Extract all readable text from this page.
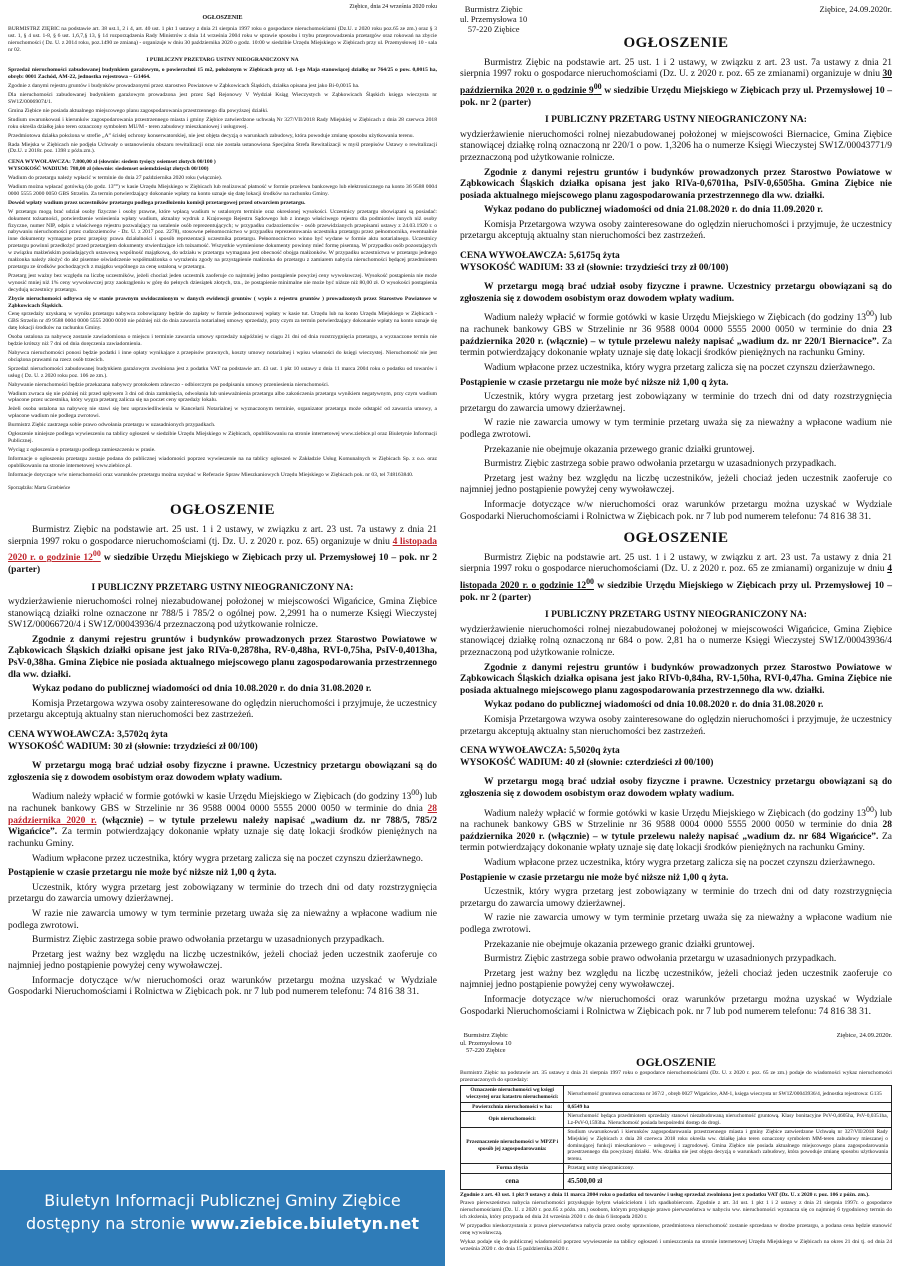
Ziębice, dnia 24 września 2020 roku
OGŁOSZENIE

BURMISTRZ ZIĘBIC na podstawie art. 38 ust.1, 2 i 4, art. 40 ust. 1 pkt 1 ustawy z dnia 21 sierpnia 1997 roku o gospodarce nieruchomościami (Dz.U. z 2020 roku poz.65 ze zm.) oraz § 3 ust. 1, § 4 ust. 1-8, § 6 ust. 1,6,7,§ 13, § 14 rozporządzenia Rady Ministrów z dnia 14 września 2004 roku w sprawie sposobu i trybu przeprowadzenia przetargów oraz rokowań na zbycie nieruchomości ( Dz. U. z 2014 roku, poz.1490 ze zmianą) - organizuje w dniu 30 października 2020 o godz. 10:00 w siedzibie Urzędu Miejskiego w Ziębicach przy ul. Przemysłowej 10 - sala nr 02.

I PUBLICZNY PRZETARG USTNY NIEOGRANICZONY NA

Sprzedaż nieruchomości zabudowanej budynkiem garażowym, o powierzchni 15 m2, położonym w Ziębicach przy ul. 1-go Maja stanowiącej działkę nr 764/25 o pow. 0,0015 ha, obręb: 0001 Zachód, AM-22, jednostka rejestrowa – G1464.

Zgodnie z danymi rejestru gruntów i budynków prowadzonymi przez starostwo Powiatowe w Ząbkowicach Śląskich, działka opisana jest jako Bi-0,0015 ha.

Dla nieruchomości zabudowanej budynkiem garażowym prowadzona jest przez Sąd Rejonowy V Wydział Ksiąg Wieczystych w Ząbkowicach Śląskich księga wieczysta nr SW1Z/00069074/1.

Gmina Ziębice nie posiada aktualnego miejscowego planu zagospodarowania przestrzennego dla powyższej działki.

Studium uwarunkowań i kierunków zagospodarowania przestrzennego miasta i gminy Ziębice zatwierdzone uchwałą Nr 327/VII/2018 Rady Miejskiej w Ziębicach z dnia 28 czerwca 2018 roku określa działkę jako teren oznaczony symbolem MU/M - teren zabudowy mieszkaniowej i usługowej.

Przedmiotowa działka położona w strefie „A” ścisłej ochrony konserwatorskiej, nie jest objęta decyzją o warunkach zabudowy, która powoduje zmianę sposobu użytkowania terenu.

Rada Miejska w Ziębicach nie podjęła Uchwały o ustanowieniu obszaru rewitalizacji oraz nie została ustanowiona Specjalna Strefa Rewitalizacji w myśl przepisów Ustawy o rewitalizacji (Dz.U. z 2018r. poz. 1398 z późn.zm.).

CENA WYWOŁAWCZA: 7.800,00 zł (słownie: siedem tysięcy osiemset złotych 00/100 )

WYSOKOŚĆ WADIUM: 780,00 zł (słownie: siedemset osiemdziesiąt złotych 00/100)

Wadium do przetargu należy wpłacić w terminie do dnia 27 października 2020 roku (włącznie).

Wadium można wpłacać gotówką (do godz. 13°°) w kasie Urzędu Miejskiego w Ziębicach lub realizować płatność w formie przelewu bankowego lub elektronicznego na konto 36 9588 0004 0000 5555 2000 0050 GBS Strzelin. Za termin potwierdzający dokonanie wpłaty na konto uznaje się datę lokacji środków na rachunku Gminy.

Dowód wpłaty wadium przez uczestników przetargu podlega przedłożeniu komisji przetargowej przed otwarciem przetargu.

W przetargu mogą brać udział osoby fizyczne i osoby prawne, które wpłacą wadium w ustalonym terminie oraz okreslonej wysokości. Uczestnicy przetargu obowiązani są posiadać: dokument tożsamości, potwierdzenie wniesienia wpłaty wadium, aktualny wydruk z Krajowego Rejestru Sądowego lub z innego właściwego rejestru dla podmiotów innych niż osoby fizyczne, numer NIP, odpis z właściwego rejestru pozwalający na ustalenie osób reprezentujących; w przypadku cudzoziemców - osób przewidzianych przepisami ustawy z 24.03.1920 r. o nabywaniu nieruchomości przez cudzoziemców - Dz. U. z 2017 poz. 2278), stosowne pełnomocnictwo w przypadku reprezentowania uczestnika przetargu przez pełnomocnika, ewentualnie inne dokumenty wymagane przez przepisy prawa działalności i sposób reprezentacji uczestnika przetargu. Pełnomocnictwo winno być wydane w formie aktu notarialnego. Uczestnicy przetargu powinni przedłożyć przed przetargiem dokumenty stwierdzające ich tożsamość. Wszystkie wymienione dokumenty powinny mieć formę pisemną. W przypadku osób pozostających w związku małżeńskim posiadających ustawową wspólność majątkową, do udziału w przetargu wymagana jest obecność obojga małżonków. W przypadku uczestnictwa w przetargu jednego małżonka należy złożyć do akt pisemne oświadczenie współmałżonka o wyrażeniu zgody na przystąpienie małżonka do przetargu z zamiarem nabycia nieruchomości będącej przedmiotem przetargu ze środków pochodzących z majątku wspólnego za cenę ustaloną w przetargu.

Przetarg jest ważny bez względu na liczbę uczestników, jeżeli chociaż jeden uczestnik zaoferuje co najmniej jedno postąpienie powyżej ceny wywoławczej. Wysokość postąpienia nie może wynosić mniej niż 1% ceny wywoławczej przy zaokrągleniu w górę do pełnych dziesiątek złotych, tzn., że postąpienie minimalne nie może być niższe niż 80,00 zł. O wysokości postąpienia decydują uczestnicy przetargu.

Zbycie nieruchomości odbywa się w stanie prawnym uwidocznionym w danych ewidencji gruntów ( wypis z rejestru gruntów ) prowadzonych przez Starostwo Powiatowe w Ząbkowicach Śląskich.

Cenę sprzedaży uzyskaną w wyniku przetargu nabywca zobowiązany będzie do zapłaty w formie jednorazowej wpłaty w kasie tut. Urzędu lub na konto Urzędu Miejskiego w Ziębicach - GBS Strzelin nr 49 9588 0004 0000 5555 2000 0010 nie później niż do dnia zawarcia notarialnej umowy sprzedaży, przy czym za termin potwierdzający dokonanie wpłaty na konto uznaje się datę lokacji środków na rachunku Gminy.

Osoba ustalona za nabywcę zostanie zawiadomiona o miejscu i terminie zawarcia umowy sprzedaży najpóźniej w ciągu 21 dni od dnia rozstrzygnięcia przetargu, a wyznaczone termin nie będzie krótszy niż 7 dni od dnia doręczenia zawiadomienia.

Nabywca nieruchomości ponosi będzie podatki i inne opłaty wynikające z przepisów prawnych, koszty umowy notarialnej i wpisu własności do księgi wieczystej. Nieruchomość nie jest obciążona prawami na rzecz osób trzecich.

Sprzedaż nieruchomości zabudowanej budynkiem garażowym zwolniona jest z podatku VAT na podstawie art. 43 ust. 1 pkt 10 ustawy z dnia 11 marca 2004 roku o podatku od towarów i usług ( Dz. U. z 2020 roku poz. 106 ze zm.).

Nabywanie nieruchomości będzie przekazana nabywcy protokołem zdawczo - odbiorczym po podpisaniu umowy przeniesienia nieruchomości.

Wadium zwraca się nie później niż przed upływem 3 dni od dnia zamknięcia, odwołania lub unieważnienia przetargu albo zakończenia przetargu wynikiem negatywnym, przy czym wadium wpłacone przez uczestnika, który wygra przetarg zalicza się na poczet ceny sprzedaży lokalu.

Jeżeli osoba ustalona na nabywcę nie stawi się bez usprawiedliwienia w Kancelarii Notarialnej w wyznaczonym terminie, organizator przetargu może odstąpić od zawarcia umowy, a wpłacone wadium nie podlega zwrotowi.

Burmistrz Ziębic zastrzega sobie prawo odwołania przetargu w uzasadnionych przypadkach.

Ogłoszenie niniejsze podlega wywieszeniu na tablicy ogłoszeń w siedzibie Urzędu Miejskiego w Ziębicach, opublikowaniu na stronie internetowej www.ziebice.pl oraz Biuletynie Informacji Publicznej.

Wyciąg z ogłoszenia o przetargu podlega zamieszczeniu w prasie.

Informacje o ogłoszeniu przetargu zostaje podana do publicznej wiadomości poprzez wywieszenie na na tablicy ogłoszeń w Zakładzie Usług Komunalnych w Ziębicach Sp. z o.o. oraz opublikowaniu na stronie internetowej www.ziebice.pl.

Informacje dotyczące w/w nieruchomości oraz warunków przetargu można uzyskać w Referacie Spraw Mieszkaniowych Urzędu Miejskiego w Ziębicach pok. nr 03, tel 748163840.

Sporządziła: Marta Grzebieńce
OGŁOSZENIE

Burmistrz Ziębic na podstawie art. 25 ust. 1 i 2 ustawy, w związku z art. 23 ust. 7a ustawy z dnia 21 sierpnia 1997 roku o gospodarce nieruchomościami (tj. Dz. U. z 2020 r. poz. 65) organizuje w dniu 4 listopada 2020 r. o godzinie $12^{00}$ w siedzibie Urzędu Miejskiego w Ziębicach przy ul. Przemysłowej 10 – pok. nr 2 (parter)

I PUBLICZNY PRZETARG USTNY NIEOGRANICZONY NA:

wydzierżawienie nieruchomości rolnej niezabudowanej położonej w miejscowości Wigańcice, Gmina Ziębice stanowiącą działki rolne oznaczone nr 788/5 i 785/2 o ogólnej pow. 2,2991 ha o numerze Księgi Wieczystej SW1Z/00066720/4 i SW1Z/00043936/4 przeznaczoną pod użytkowanie rolnicze.

Zgodnie z danymi rejestru gruntów i budynków prowadzonych przez Starostwo Powiatowe w Ząbkowicach Śląskich działki opisane jest jako RIVa-0,2878ha, RV-0,48ha, RVI-0,75ha, PsIV-0,4013ha, PsV-0,38ha. Gmina Ziębice nie posiada aktualnego miejscowego planu zagospodarowania przestrzennego dla ww. działki.

Wykaz podano do publicznej wiadomości od dnia 10.08.2020 r. do dnia 31.08.2020 r.

Komisja Przetargowa wzywa osoby zainteresowane do oględzin nieruchomości i przyjmuje, że uczestnicy przetargu akceptują aktualny stan nieruchomości bez zastrzeżeń.

CENA WYWOŁAWCZA: 3,5702q żyta

WYSOKOŚĆ WADIUM: 30 zł (słownie: trzydzieści zł 00/100)

W przetargu mogą brać udział osoby fizyczne i prawne. Uczestnicy przetargu obowiązani są do zgłoszenia się z dowodem osobistym oraz dowodem wpłaty wadium.

Wadium należy wpłacić w formie gotówki w kasie Urzędu Miejskiego w Ziębicach (do godziny $13^{00}$) lub na rachunek bankowy GBS w Strzelinie nr 36 9588 0004 0000 5555 2000 0050 w terminie do dnia 28 października 2020 r. (włącznie) – w tytule przelewu należy napisać „wadium dz. nr 788/5, 785/2 Wigańcice”. Za termin potwierdzający dokonanie wpłaty uznaje się datę lokacji środków pieniężnych na rachunku Gminy.

Wadium wpłacone przez uczestnika, który wygra przetarg zalicza się na poczet czynszu dzierżawnego.

Postąpienie w czasie przetargu nie może być niższe niż 1,00 q żyta.

Uczestnik, który wygra przetarg jest zobowiązany w terminie do trzech dni od daty rozstrzygnięcia przetargu do zawarcia umowy dzierżawnej.

W razie nie zawarcia umowy w tym terminie przetarg uważa się za nieważny a wpłacone wadium nie podlega zwrotowi.

Burmistrz Ziębic zastrzega sobie prawo odwołania przetargu w uzasadnionych przypadkach.

Przetarg jest ważny bez względu na liczbę uczestników, jeżeli chociaż jeden uczestnik zaoferuje co najmniej jedno postąpienie powyżej ceny wywoławczej.

Informacje dotyczące w/w nieruchomości oraz warunków przetargu można uzyskać w Wydziale Gospodarki Nieruchomościami i Rolnictwa w Ziębicach pok. nr 7 lub pod numerem telefonu: 74 816 38 31.

Biuletyn Informacji Publicznej Gminy Ziębice
dostępny na stronie www.ziebice.biuletyn.net
Burmistrz Ziębic
ul. Przemysłowa 10
57-220 Ziębice
Ziębice, 24.09.2020r.
OGŁOSZENIE

Burmistrz Ziębic na podstawie art. 25 ust. 1 i 2 ustawy, w związku z art. 23 ust. 7a ustawy z dnia 21 sierpnia 1997 roku o gospodarce nieruchomościami (Dz. U. z 2020 r. poz. 65 ze zmianami) organizuje w dniu 30 października 2020 r. o godzinie $9^{00}$ w siedzibie Urzędu Miejskiego w Ziębicach przy ul. Przemysłowej 10 – pok. nr 2 (parter)

I PUBLICZNY PRZETARG USTNY NIEOGRANICZONY NA:

wydzierżawienie nieruchomości rolnej niezabudowanej położonej w miejscowości Biernacice, Gmina Ziębice stanowiącej działkę rolną oznaczoną nr 220/1 o pow. 1,3206 ha o numerze Księgi Wieczystej SW1Z/00043771/9 przeznaczoną pod użytkowanie rolnicze.

Zgodnie z danymi rejestru gruntów i budynków prowadzonych przez Starostwo Powiatowe w Ząbkowicach Śląskich działka opisana jest jako RIVa-0,6701ha, PsIV-0,6505ha. Gmina Ziębice nie posiada aktualnego miejscowego planu zagospodarowania przestrzennego dla ww. działki.

Wykaz podano do publicznej wiadomości od dnia 21.08.2020 r. do dnia 11.09.2020 r.

Komisja Przetargowa wzywa osoby zainteresowane do oględzin nieruchomości i przyjmuje, że uczestnicy przetargu akceptują aktualny stan nieruchomości bez zastrzeżeń.

CENA WYWOŁAWCZA: 5,6175q żyta

WYSOKOŚĆ WADIUM: 33 zł (słownie: trzydzieści trzy zł 00/100)

W przetargu mogą brać udział osoby fizyczne i prawne. Uczestnicy przetargu obowiązani są do zgłoszenia się z dowodem osobistym oraz dowodem wpłaty wadium.

Wadium należy wpłacić w formie gotówki w kasie Urzędu Miejskiego w Ziębicach (do godziny $13^{00}$) lub na rachunek bankowy GBS w Strzelinie nr 36 9588 0004 0000 5555 2000 0050 w terminie do dnia 23 października 2020 r. (włącznie) – w tytule przelewu należy napisać „wadium dz. nr 220/1 Biernacice”. Za termin potwierdzający dokonanie wpłaty uznaje się datę lokacji środków pieniężnych na rachunku Gminy.

Wadium wpłacone przez uczestnika, który wygra przetarg zalicza się na poczet czynszu dzierżawnego.

Postąpienie w czasie przetargu nie może być niższe niż 1,00 q żyta.

Uczestnik, który wygra przetarg jest zobowiązany w terminie do trzech dni od daty rozstrzygnięcia przetargu do zawarcia umowy dzierżawnej.

W razie nie zawarcia umowy w tym terminie przetarg uważa się za nieważny a wpłacone wadium nie podlega zwrotowi.

Przekazanie nie obejmuje okazania przewego granic działki gruntowej.

Burmistrz Ziębic zastrzega sobie prawo odwołania przetargu w uzasadnionych przypadkach.

Przetarg jest ważny bez względu na liczbę uczestników, jeżeli chociaż jeden uczestnik zaoferuje co najmniej jedno postąpienie powyżej ceny wywoławczej.

Informacje dotyczące w/w nieruchomości oraz warunków przetargu można uzyskać w Wydziale Gospodarki Nieruchomościami i Rolnictwa w Ziębicach pok. nr 7 lub pod numerem telefonu: 74 816 38 31.

OGŁOSZENIE

Burmistrz Ziębic na podstawie art. 25 ust. 1 i 2 ustawy, w związku z art. 23 ust. 7a ustawy z dnia 21 sierpnia 1997 roku o gospodarce nieruchomościami (Dz. U. z 2020 r. poz. 65 ze zmianami) organizuje w dniu 4 listopada 2020 r. o godzinie $12^{00}$ w siedzibie Urzędu Miejskiego w Ziębicach przy ul. Przemysłowej 10 – pok. nr 2 (parter)

I PUBLICZNY PRZETARG USTNY NIEOGRANICZONY NA:

wydzierżawienie nieruchomości rolnej niezabudowanej położonej w miejscowości Wigańcice, Gmina Ziębice stanowiącej działkę rolną oznaczoną nr 684 o pow. 2,81 ha o numerze Księgi Wieczystej SW1Z/00043936/4 przeznaczoną pod użytkowanie rolnicze.

Zgodnie z danymi rejestru gruntów i budynków prowadzonych przez Starostwo Powiatowe w Ząbkowicach Śląskich działka opisana jest jako RIVb-0,84ha, RV-1,50ha, RVI-0,47ha. Gmina Ziębice nie posiada aktualnego miejscowego planu zagospodarowania przestrzennego dla ww. działki.

Wykaz podano do publicznej wiadomości od dnia 10.08.2020 r. do dnia 31.08.2020 r.

Komisja Przetargowa wzywa osoby zainteresowane do oględzin nieruchomości i przyjmuje, że uczestnicy przetargu akceptują aktualny stan nieruchomości bez zastrzeżeń.

CENA WYWOŁAWCZA: 5,5020q żyta

WYSOKOŚĆ WADIUM: 40 zł (słownie: czterdzieści zł 00/100)

W przetargu mogą brać udział osoby fizyczne i prawne. Uczestnicy przetargu obowiązani są do zgłoszenia się z dowodem osobistym oraz dowodem wpłaty wadium.

Wadium należy wpłacić w formie gotówki w kasie Urzędu Miejskiego w Ziębicach (do godziny $13^{00}$) lub na rachunek bankowy GBS w Strzelinie nr 36 9588 0004 0000 5555 2000 0050 w terminie do dnia 28 października 2020 r. (włącznie) – w tytule przelewu należy napisać „wadium dz. nr 684 Wigańcice”. Za termin potwierdzający dokonanie wpłaty uznaje się datę lokacji środków pieniężnych na rachunku Gminy.

Wadium wpłacone przez uczestnika, który wygra przetarg zalicza się na poczet czynszu dzierżawnego.

Postąpienie w czasie przetargu nie może być niższe niż 1,00 q żyta.

Uczestnik, który wygra przetarg jest zobowiązany w terminie do trzech dni od daty rozstrzygnięcia przetargu do zawarcia umowy dzierżawnej.

W razie nie zawarcia umowy w tym terminie przetarg uważa się za nieważny a wpłacone wadium nie podlega zwrotowi.

Przekazanie nie obejmuje okazania przewego granic działki gruntowej.

Burmistrz Ziębic zastrzega sobie prawo odwołania przetargu w uzasadnionych przypadkach.

Przetarg jest ważny bez względu na liczbę uczestników, jeżeli chociaż jeden uczestnik zaoferuje co najmniej jedno postąpienie powyżej ceny wywoławczej.

Informacje dotyczące w/w nieruchomości oraz warunków przetargu można uzyskać w Wydziale Gospodarki Nieruchomościami i Rolnictwa w Ziębicach pok. nr 7 lub pod numerem telefonu: 74 816 38 31.

Burmistrz Ziębic
ul. Przemysłowa 10
57-220 Ziębice
Ziębice, 24.09.2020r.
OGŁOSZENIE

Burmistrz Ziębic na podstawie art. 35 ustawy z dnia 21 sierpnia 1997 roku o gospodarce nieruchomościami (Dz. U. z 2020 r. poz. 65 ze zm.) podaje do wiadomości wykaz nieruchomości przeznaczonych do sprzedaży:

Oznaczenie nieruchomości wg księgi wieczystej oraz katastru nieruchomości:	Nieruchomość gruntowa oznaczona nr 367/2 , obręb 0027 Wigańcice, AM-1, księga wieczysta nr SW1Z/00043936/4, jednostka rejestrowa: G135
Powierzchnia nieruchomości w ha:	0,6549 ha
Opis nieruchomości:	Nieruchomość będąca przedmiotem sprzedaży stanowi niezabudowaną nieruchomość gruntową. Klasy bonitacyjne PsV-0,4605ha, PsV-0,0351ha, Lz-PsV-0,1593ha. Nieruchomość posiada bezpośredni dostęp do drogi.
Przeznaczenie nieruchomości w MPZP i sposób jej zagospodarowania:	Studium uwarunkowań i kierunków zagospodarowania przestrzennego miasta i gminy Ziębice zatwierdzone Uchwałą nr 327/VII/2018 Rady Miejskiej w Ziębicach z dnia 28 czerwca 2018 roku określa ww. działkę jako teren oznaczony symbolem MM-teren zabudowy mieszanej o dominującej funkcji mieszkaniowo – usługowej i zagrodowej. Gmina Ziębice nie posiada aktualnego miejscowego planu zagospodarowania przestrzennego dla powyższej działki. Ww. działka nie jest objęta decyzją o warunkach zabudowy, która powoduje zmianę sposobu użytkowania terenu.
Forma zbycia	Przetarg ustny nieograniczony.
cena	45.500,00 zł

Zgodnie z art. 43 ust. 1 pkt 9 ustawy z dnia 11 marca 2004 roku o podatku od towarów i usług sprzedaż zwolniona jest z podatku VAT (Dz. U. z 2020 r. poz. 106 z późn. zm.).

Prawo pierwszeństwa nabycia nieruchomości przysługuje byłym właścicielom i ich spadkobiercom. Zgodnie z art. 34 ust. 1 pkt 1 i 2 ustawy z dnia 21 sierpnia 1997r. o gospodarce nieruchomościami (Dz. U. z 2020 r. poz.65 z późn. zm.) osobom, którym przysługuje prawo pierwszeństwa w nabyciu ww. nieruchomości wyznacza się co najmniej 6 tygodniowy termin do ich złożenia, który przypada od dnia 24 września 2020 r. do dnia 6 listopada 2020 r.

W przypadku nieskorzystania z prawa pierwszeństwa nabycia przez osoby uprawnione, przedmiotowa nieruchomość zostanie sprzedana w drodze przetargu, a podana cena będzie stanowić cenę wywoławczą.

Wykaz podaje się do publicznej wiadomości poprzez wywieszenie na tablicy ogłoszeń i umieszczenia na stronie internetowej Urzędu Miejskiego w Ziębicach na okres 21 dni tj. od dnia 24 września 2020 r. do dnia 15 października 2020 r.
